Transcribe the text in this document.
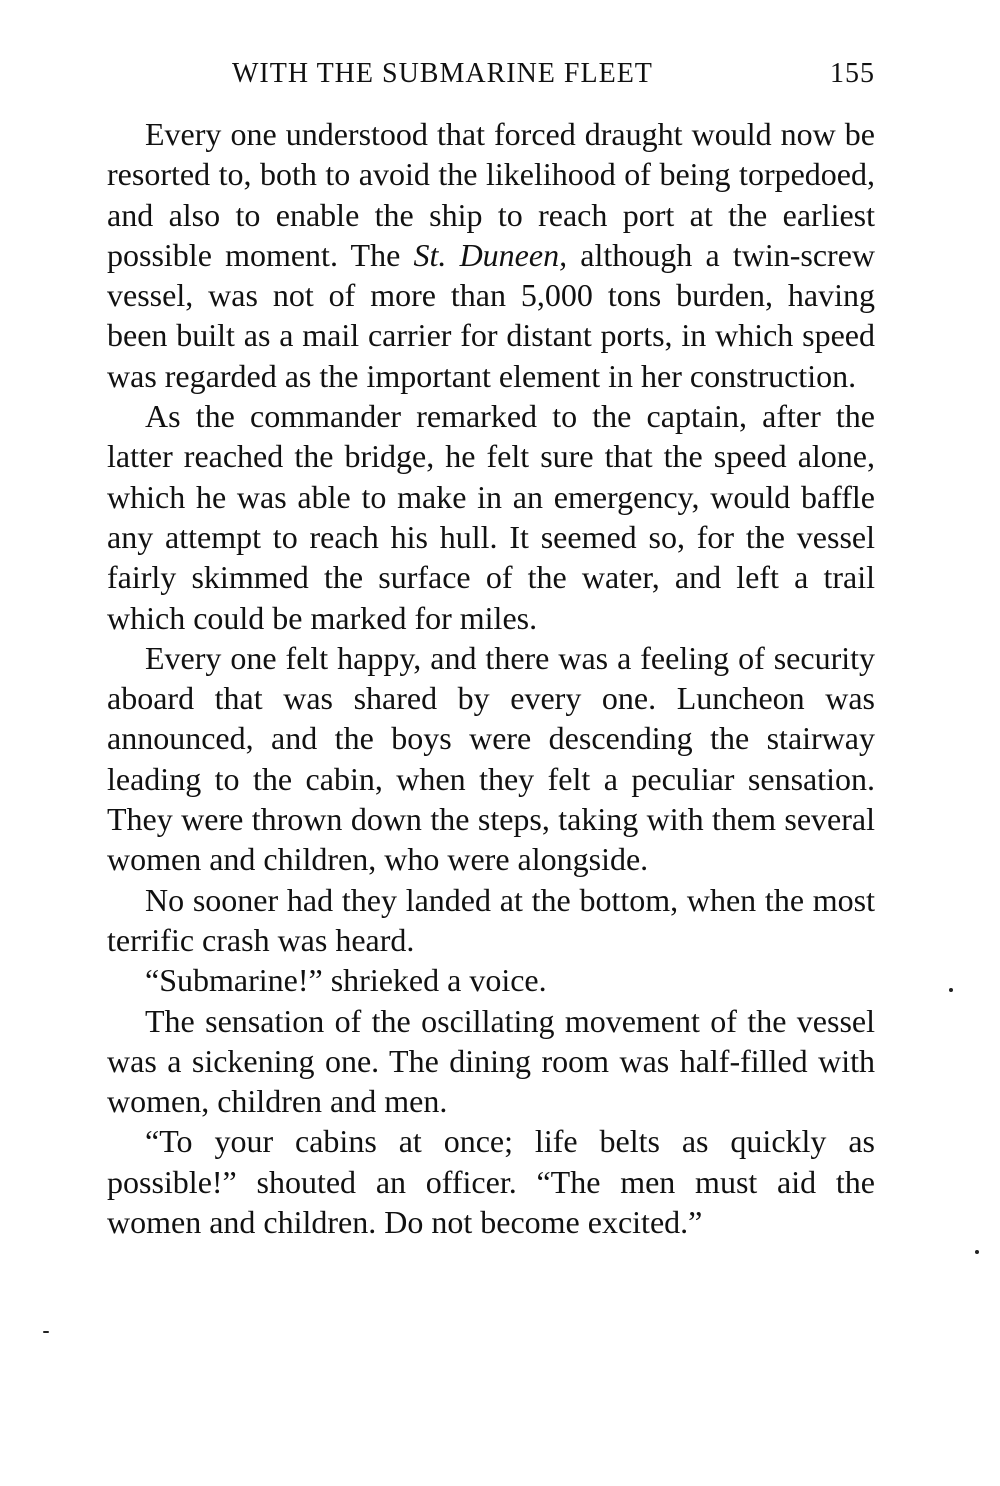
WITH THE SUBMARINE FLEET	155

Every one understood that forced draught would now be resorted to, both to avoid the likelihood of being torpedoed, and also to enable the ship to reach port at the earliest possible moment. The St. Duneen, although a twin-screw vessel, was not of more than 5,000 tons burden, having been built as a mail carrier for distant ports, in which speed was regarded as the important element in her construction.

As the commander remarked to the captain, after the latter reached the bridge, he felt sure that the speed alone, which he was able to make in an emergency, would baffle any attempt to reach his hull. It seemed so, for the vessel fairly skimmed the surface of the water, and left a trail which could be marked for miles.

Every one felt happy, and there was a feeling of security aboard that was shared by every one. Luncheon was announced, and the boys were descending the stairway leading to the cabin, when they felt a peculiar sensation. They were thrown down the steps, taking with them several women and children, who were alongside.

No sooner had they landed at the bottom, when the most terrific crash was heard.

“Submarine!” shrieked a voice.

The sensation of the oscillating movement of the vessel was a sickening one. The dining room was half-filled with women, children and men.

“To your cabins at once; life belts as quickly as possible!” shouted an officer. “The men must aid the women and children. Do not become excited.”
